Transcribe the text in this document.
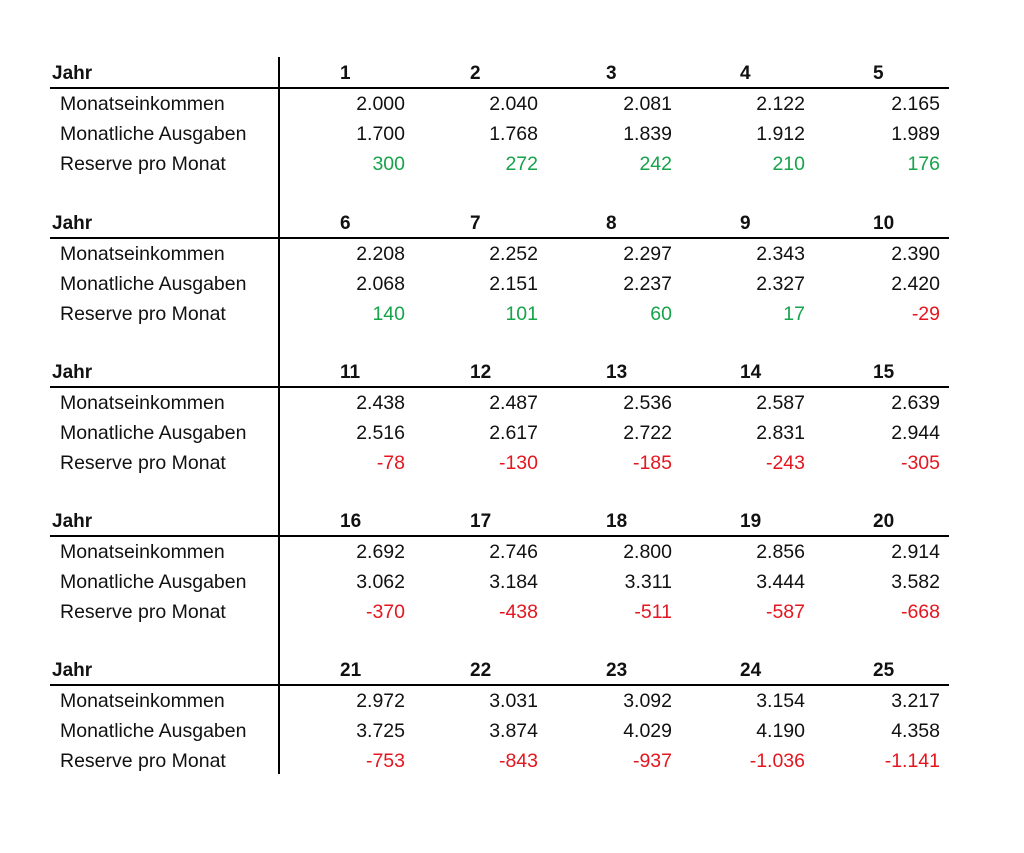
Jahr	1	2	3	4	5
Monatseinkommen	2.000	2.040	2.081	2.122	2.165
Monatliche Ausgaben	1.700	1.768	1.839	1.912	1.989
Reserve pro Monat	300	272	242	210	176
Jahr	6	7	8	9	10
Monatseinkommen	2.208	2.252	2.297	2.343	2.390
Monatliche Ausgaben	2.068	2.151	2.237	2.327	2.420
Reserve pro Monat	140	101	60	17	-29
Jahr	11	12	13	14	15
Monatseinkommen	2.438	2.487	2.536	2.587	2.639
Monatliche Ausgaben	2.516	2.617	2.722	2.831	2.944
Reserve pro Monat	-78	-130	-185	-243	-305
Jahr	16	17	18	19	20
Monatseinkommen	2.692	2.746	2.800	2.856	2.914
Monatliche Ausgaben	3.062	3.184	3.311	3.444	3.582
Reserve pro Monat	-370	-438	-511	-587	-668
Jahr	21	22	23	24	25
Monatseinkommen	2.972	3.031	3.092	3.154	3.217
Monatliche Ausgaben	3.725	3.874	4.029	4.190	4.358
Reserve pro Monat	-753	-843	-937	-1.036	-1.141
